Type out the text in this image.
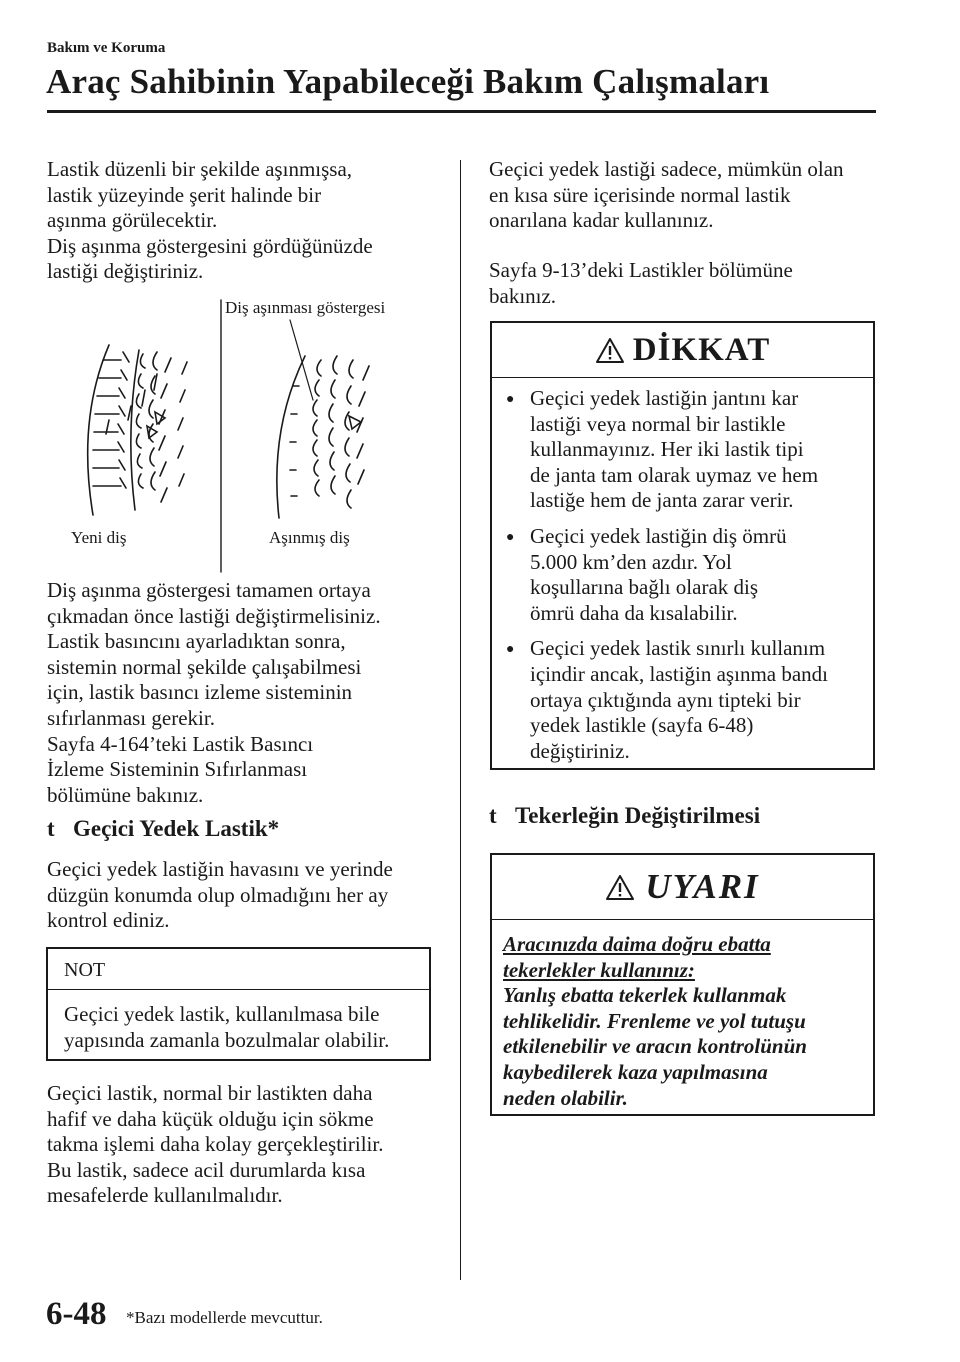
Bakım ve Koruma
Araç Sahibinin Yapabileceği Bakım Çalışmaları
Lastik düzenli bir şekilde aşınmışsa,
lastik yüzeyinde şerit halinde bir
aşınma görülecektir.
Diş aşınma göstergesini gördüğünüzde
lastiği değiştiriniz.
Diş aşınması göstergesi
Yeni diş	Aşınmış diş
Diş aşınma göstergesi tamamen ortaya
çıkmadan önce lastiği değiştirmelisiniz.
Lastik basıncını ayarladıktan sonra,
sistemin normal şekilde çalışabilmesi
için, lastik basıncı izleme sisteminin
sıfırlanması gerekir.
Sayfa 4-164’teki Lastik Basıncı
İzleme Sisteminin Sıfırlanması
bölümüne bakınız.
t Geçici Yedek Lastik*
Geçici yedek lastiğin havasını ve yerinde
düzgün konumda olup olmadığını her ay
kontrol ediniz.
NOT
Geçici yedek lastik, kullanılmasa bile
yapısında zamanla bozulmalar olabilir.
Geçici lastik, normal bir lastikten daha
hafif ve daha küçük olduğu için sökme
takma işlemi daha kolay gerçekleştirilir.
Bu lastik, sadece acil durumlarda kısa
mesafelerde kullanılmalıdır.
Geçici yedek lastiği sadece, mümkün olan
en kısa süre içerisinde normal lastik
onarılana kadar kullanınız.
Sayfa 9-13’deki Lastikler bölümüne
bakınız.
DİKKAT
● Geçici yedek lastiğin jantını kar
lastiği veya normal bir lastikle
kullanmayınız. Her iki lastik tipi
de janta tam olarak uymaz ve hem
lastiğe hem de janta zarar verir.
● Geçici yedek lastiğin diş ömrü
5.000 km’den azdır. Yol
koşullarına bağlı olarak diş
ömrü daha da kısalabilir.
● Geçici yedek lastik sınırlı kullanım
içindir ancak, lastiğin aşınma bandı
ortaya çıktığında aynı tipteki bir
yedek lastikle (sayfa 6-48)
değiştiriniz.
t Tekerleğin Değiştirilmesi
UYARI
Aracınızda daima doğru ebatta
tekerlekler kullanınız:
Yanlış ebatta tekerlek kullanmak
tehlikelidir. Frenleme ve yol tutuşu
etkilenebilir ve aracın kontrolünün
kaybedilerek kaza yapılmasına
neden olabilir.
6-48 *Bazı modellerde mevcuttur.
